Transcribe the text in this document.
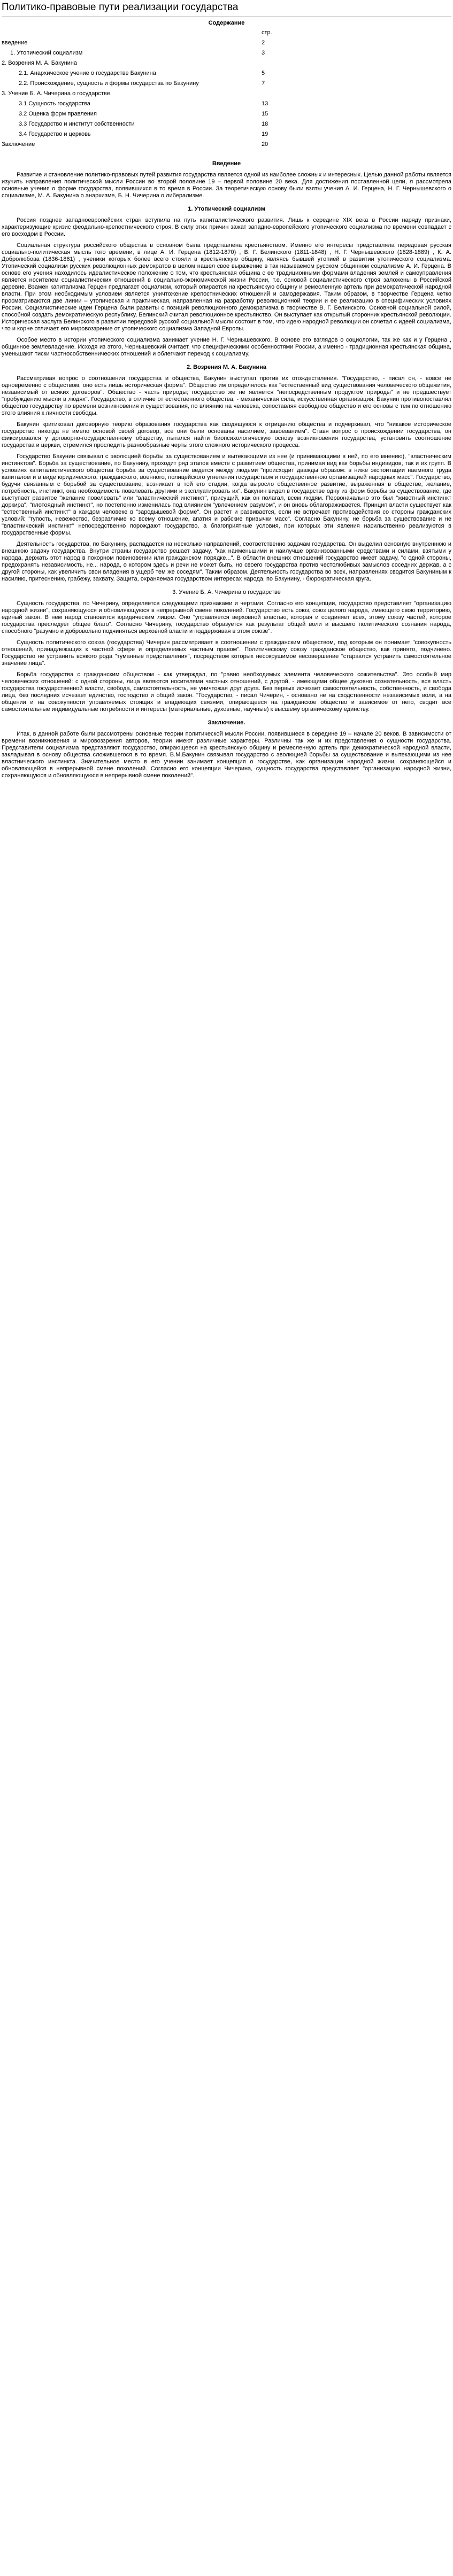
Политико-правовые пути реализации государства
Содержание
	стр.
введение	2
1. Утопический социализм	3
2. Возрения М. А. Бакунина	
2.1. Анархическое учение о государстве Бакунина	5
2.2. Происхождение, сущность и формы государства по Бакунину	7
3. Учение Б. А. Чичерина о государстве	
3.1 Сущность государства	13
3.2 Оценка форм правления	15
3.3 Государство и институт собственности	18
3.4 Государство и церковь	19
Заключение	20
Введение

Развитие и становление политико-правовых путей развития государства является одной из наиболее сложных и интересных. Целью данной работы является изучить направления политической мысли России во второй половине 19 – первой половине 20 века. Для достижения поставленной цели, я рассмотрела основные учения о форме государства, появившихся в то время в России. За теоретическую основу были взяты учения А. И. Герцена, Н. Г. Чернышевского о социализме, М. А. Бакунина о анархизме, Б. Н. Чичерина о либерализме.

1. Утопический социализм

Россия позднее западноевропейских стран вступила на путь капиталистического развития. Лишь к середине XIX века в России наряду признаки, характеризующие кризис феодально-крепостнического строя. В силу этих причин зажат западно-европейского утопического социализма по времени совпадает с его восходом в России.

Социальная структура российского общества в основном была представлена крестьянством. Именно его интересы представляла передовая русская социально-политическая мысль того времени, в лице А. И. Герцена (1812-1870) , В. Г. Белинского (1811-1848) , Н. Г. Чернышевского (1828-1889) , К. А. Добролюбова (1836-1861) , ученики которых более всего стояли в крестьянскую общину, являясь бывшей утопией в развитии утопического социализма. Утопический социализм русских революционных демократов в целом нашел свое выражение в так называемом русском общинном социализме А. И. Герцена. В основе его учения находилось идеалистическое положение о том, что крестьянская община с ее традиционными формами владения землей и самоуправления является носителем социалистических отношений в социально-экономической жизни России, т.е. основой социалистического строя заложены в Российской деревне. Взамен капитализма Герцен предлагает социализм, который опирается на крестьянскую общину и ремесленную артель при демократической народной власти. При этом необходимым условием является уничтожение крепостнических отношений и самодержавия. Таким образом, в творчестве Герцена четко просматриваются две линии – утопическая и практическая, направленная на разработку революционной теории и ее реализацию в специфических условиях России. Социалистические идеи Герцена были развиты с позиций революционного демократизма в творчестве В. Г. Белинского. Основной социальной силой, способной создать демократическую республику, Белинский считал революционное крестьянство. Он выступает как открытый сторонник крестьянской революции. Историческая заслуга Белинского в развитии передовой русской социальной мысли состоит в том, что идею народной революции он сочетал с идеей социализма, что и корне отличает его мировоззрение от утопического социализма Западной Европы.

Особое место в истории утопического социализма занимает учение Н. Г. Чернышевского. В основе его взглядов о социологии, так же как и у Герцена , общинное землевладение. Исходя из этого, Чернышевский считает, что специфическими особенностями России, а именно - традиционная крестьянская община, уменьшают тиски частнособственнических отношений и облегчают переход к социализму.

2. Возрения М. А. Бакунина

Рассматривая вопрос о соотношении государства и общества, Бакунин выступал против их отождествления. "Государство, - писал он, - вовсе не одновременно с обществом, оно есть лишь историческая форма". Общество им определялось как "естественный вид существования человеческого общежития, независимый от всяких договоров". Общество - часть природы; государство же не является "непосредственным продуктом природы" и не предшествует "пробуждению мысли в людях". Государство, в отличие от естественного общества, - механическая сила, искусственная организация. Бакунин противопоставлял общество государству по времени возникновения и существования, по влиянию на человека, сопоставляя свободное общество и его основы с тем по отношению этого влияния к личности свободы.

Бакунин критиковал договорную теорию образования государства как сводящуюся к отрицанию общества и подчеркивал, что "никакое историческое государство никогда не имело основой своей договор, все они были основаны насилием, завоеванием". Ставя вопрос о происхождении государства, он фиксировался у договорно-государственному обществу, пытался найти биопсихологическую основу возникновения государства, установить соотношение государства и церкви, стремился проследить разнообразные черты этого сложного исторического процесса.

Государство Бакунин связывал с эволюцией борьбы за существованием и вытекающими из нее (и принимающими в ней, по его мнению), "властническим инстинктом". Борьба за существование, по Бакунину, проходит ряд этапов вместе с развитием общества, принимая вид как борьбы индивидов, так и их групп. В условиях капиталистического общества борьба за существование ведется между людьми "происходит дважды образом: в ниже экспоитации наемного труда капиталом и в виде юридического, гражданского, военного, полицейского угнетения государством и государственною организацией народных масс". Государство, будучи связанным с борьбой за существование, возникает в той его стадии, когда выросло общественное развитие, выраженная в обществе, желание, потребность, инстинкт, она необходимость повелевать другими и эксплуатировать их". Бакунин видел в государстве одну из форм борьбы за существование, где выступает развитое "желание повелевать" или "властнический инстинкт", присущий, как он полагал, всем людям. Первоначально это был "животный инстинкт доркира", "плотоядный инстинкт", но постепенно изменилась под влиянием "увлечением разумом", и он вновь облагораживается. Принцип власти существует как "естественный инстинкт" в каждом человеке в "зародышевой форме". Он растет и развивается, если не встречает противодействия со стороны гражданских условий: "гупость, невежество, безразличие ко всему отношение, апатия и рабские привычки масс". Согласно Бакунину, не борьба за существование и не "властнический инстинкт" непосредственно порождают государство, а благоприятные условия, при которых эти явления насильственно реализуются в государственные формы.

Деятельность государства, по Бакунину, распадается на несколько направлений, соответственно задачам государства. Он выделил основную внутреннюю и внешнюю задачу государства. Внутри страны государство решает задачу, "как наименьшими и наилучше организованными средствами и силами, взятыми у народа, держать этот народ в покорном повиновении или гражданском порядке...". В области внешних отношений государство имеет задачу, "с одной стороны, предохранять независимость, не... народа, о котором здесь и речи не может быть, но своего государства против честолюбивых замыслов соседних держав, а с другой стороны, как увеличить свои владения в ущерб тем же соседям". Таким образом. Деятельность государства во всех, направлениях сводится Бакуниным к насилию, притеснению, грабежу, захвату. Защита, охраняемая государством интересах народа, по Бакунину, - бюрократическая круга.

3. Учение Б. А. Чичерина о государстве

Сущность государства, по Чичерину, определяется следующими признаками и чертами. Согласно его концепции, государство представляет "организацию народной жизни", сохраняющуюся и обновляющуюся в непрерывной смене поколений. Государство есть союз, союз целого народа, имеющего свою территорию, единый закон. В нем народ становится юридическим лицом. Оно "управляется верховной властью, которая и соединяет всех, этому союзу частей, которое государства преследует общее благо". Согласно Чичерину, государство образуется как результат общей воли и высшего политического сознания народа, способного "разумно и добровольно подчиняться верховной власти и поддерживая в этом союзе".

Сущность политического союза (государства) Чичерин рассматривает в соотношении с гражданским обществом, под которым он понимает "совокупность отношений, принадлежащих к частной сфере и определяемых частным правом". Политическому союзу гражданское общество, как принято, подчинено. Государство не устранить всякого рода "туманные представления", посредством которых несокрушимое несовершение "стараются устранить самостоятельное значение лица".

Борьба государства с гражданским обществом - как утверждал, по "равно необходимых элемента человеческого сожительства". Это особый мир человеческих отношений: с одной стороны, лица являются носителями частных отношений, с другой, - имеющими общее духовно сознательность, вся власть государства государственной власти, свобода, самостоятельность, не уничтожая друг друга. Без первых исчезает самостоятельность, собственность, и свобода лица, без последних исчезает единство, господство и общий закон. "Государство, - писал Чичерин, - основано не на сходственности независимых воли, а на общении и на совокупности управляемых стоящих и владеющих связями, опирающееся на гражданское общество и зависимое от него, сводит все самостоятельные индивидуальные потребности и интересы (материальные, духовные, научные) к высшему органическому единству.

Заключение.

Итак, в данной работе были рассмотрены основные теории политической мысли России, появившиеся в середине 19 – начале 20 веков. В зависимости от времени возникновения и мировоззрения авторов, теории имеют различные характеры. Различны так же и их представления о сущности государства. Представители социализма представляют государство, опирающееся на крестьянскую общину и ремесленную артель при демократической народной власти, закладывая в основу общества сложившегося в то время. В.М.Бакунин связывал государство с эволюцией борьбы за существование и вытекающими из нее властнического инстинкта. Значительное место в его учении занимает концепция о государстве, как организации народной жизни, сохраняющейся и обновляющейся в непрерывной смене поколений. Согласно его концепции Чичерина, сущность государства представляет "организацию народной жизни, сохраняющуюся и обновляющуюся в непрерывной смене поколений".
